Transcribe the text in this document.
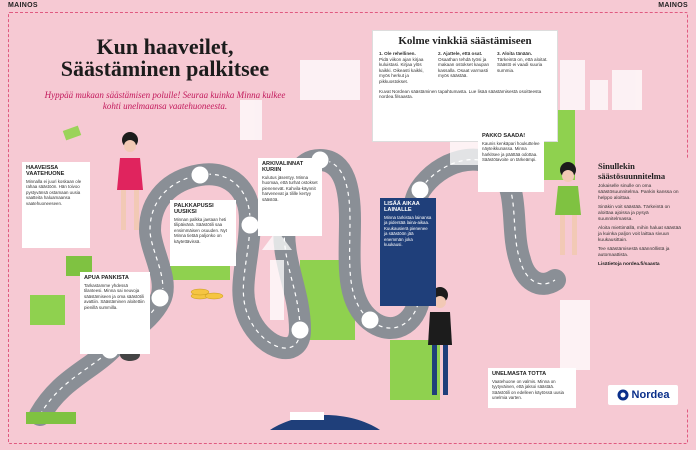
MAINOS	MAINOS
Kun haaveilet,
Säästäminen palkitsee
Hyppää mukaan säästämisen polulle! Seuraa kuinka Minna kulkee kohti unelmaansa vaatehuoneesta.
Kolme vinkkiä säästämiseen
1. Ole rehellinen.
Pidä viikon ajan kirjaa kuluistasi. Kirjaa ylös kaikki. Oikeasti kaikki, myös herkut ja pikkuostokset.
2. Ajattele, että osat.
Osaathan tehdä työsi ja makaan ostokset kaupan kassalla. Osaat varmasti myös säästää.
3. Aloita tänään.
Tärkeintä on, että aloitat. Säästö ei vaadi suuria summia.
Kuvat Nordean säästäminen tapahtumasta. Lue lisää säästämisestä osoitteesta nordea.fi/saasta.
HAAVEISSA VAATEHUONE
Minnalla ei juuri koskaan ole rahaa säästöön. Hän toivoo pystyvänsä ostamaan uusia vaatteita haluamaansa vaatehuoneeseen.
APUA PANKISTA
Tarkastamme yhdessä tilanteesi. Minna sai neuvoja säästämiseen ja oma säästötili avattiin. Säästäminen aloitettiin pienillä summilla.
PALKKAPUSSI UUSIKSI
Minnan palkka jaetaan heti tilipäivänä. Säästötili saa ensimmäisen osuuden. Nyt Minna tietää paljonko on käytettävissä.
ARKIVALINNAT KURIIN
Kulutus jäsentyy. Minna huomaa, että turhat ostokset pienenevät. Kahvila-käynnit harvenevat ja tilille kertyy säästöä.
LISÄÄ AIKAA LAINALLE
Minna tarkistaa lainansa ja pidentää laina-aikaa. Kuukausierä pienenee ja säästöön jää enemmän joka kuukausi.
PAKKO SAADA!
Kaunis kenkäpari houkuttelee näyteikkunassa. Minna harkitsee ja päättää odottaa. Säästötavoite on tärkeämpi.
UNELMASTA TOTTA
Vaatehuone on valmis. Minna on tyytyväinen, että jaksoi säästää. Säästötili on edelleen käytössä uusia unelmia varten.
Sinullekin säästösuunnitelma

Jokaiselle sinulle on oma säästösuunnitelma. Pankin kanssa on helppo aloittaa.

Sinäkin voit säästää. Tärkeintä on aloittaa ajoissa ja pysyä suunnitelmassa.

Aloita miettimällä, mihin haluat säästää ja kuinka paljon voit laittaa sivuun kuukausittain.

Tee säästämisestä säännöllistä ja automaattista.

Lisätietoja nordea.fi/saasta
Nordea
